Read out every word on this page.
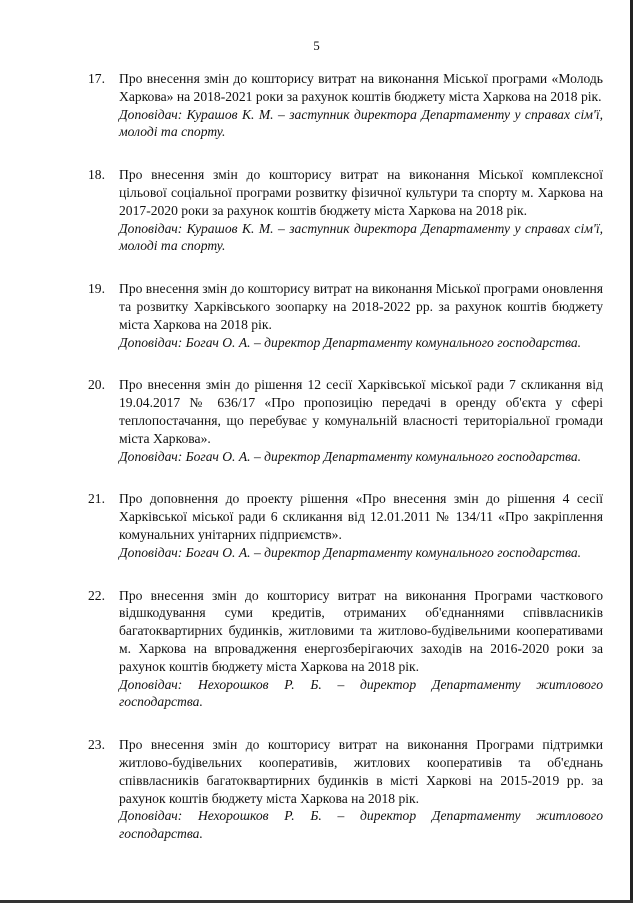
5
17. Про внесення змін до кошторису витрат на виконання Міської програми «Молодь Харкова» на 2018-2021 роки за рахунок коштів бюджету міста Харкова на 2018 рік.
Доповідач: Курашов К. М. – заступник директора Департаменту у справах сім'ї, молоді та спорту.
18. Про внесення змін до кошторису витрат на виконання Міської комплексної цільової соціальної програми розвитку фізичної культури та спорту м. Харкова на 2017-2020 роки за рахунок коштів бюджету міста Харкова на 2018 рік.
Доповідач: Курашов К. М. – заступник директора Департаменту у справах сім'ї, молоді та спорту.
19. Про внесення змін до кошторису витрат на виконання Міської програми оновлення та розвитку Харківського зоопарку на 2018-2022 рр. за рахунок коштів бюджету міста Харкова на 2018 рік.
Доповідач: Богач О. А. – директор Департаменту комунального господарства.
20. Про внесення змін до рішення 12 сесії Харківської міської ради 7 скликання від 19.04.2017 № 636/17 «Про пропозицію передачі в оренду об'єкта у сфері теплопостачання, що перебуває у комунальній власності територіальної громади міста Харкова».
Доповідач: Богач О. А. – директор Департаменту комунального господарства.
21. Про доповнення до проекту рішення «Про внесення змін до рішення 4 сесії Харківської міської ради 6 скликання від 12.01.2011 № 134/11 «Про закріплення комунальних унітарних підприємств».
Доповідач: Богач О. А. – директор Департаменту комунального господарства.
22. Про внесення змін до кошторису витрат на виконання Програми часткового відшкодування суми кредитів, отриманих об'єднаннями співвласників багатоквартирних будинків, житловими та житлово-будівельними кооперативами м. Харкова на впровадження енергозберігаючих заходів на 2016-2020 роки за рахунок коштів бюджету міста Харкова на 2018 рік.
Доповідач: Нехорошков Р. Б. – директор Департаменту житлового господарства.
23. Про внесення змін до кошторису витрат на виконання Програми підтримки житлово-будівельних кооперативів, житлових кооперативів та об'єднань співвласників багатоквартирних будинків в місті Харкові на 2015-2019 рр. за рахунок коштів бюджету міста Харкова на 2018 рік.
Доповідач: Нехорошков Р. Б. – директор Департаменту житлового господарства.
